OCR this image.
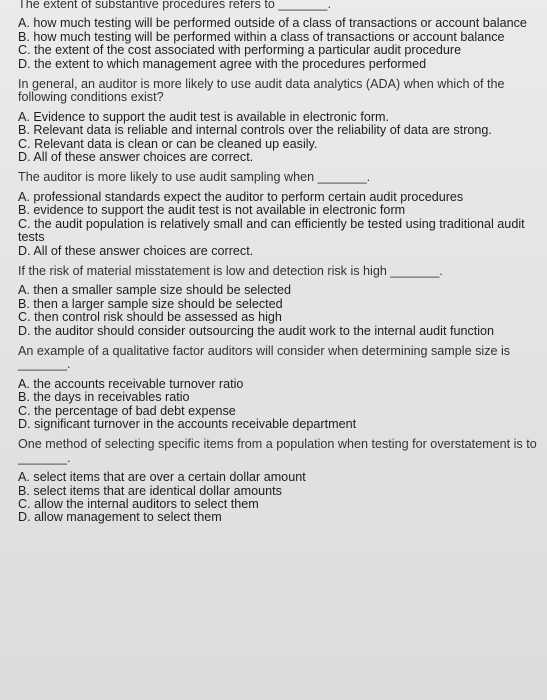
The extent of substantive procedures refers to _______.

A. how much testing will be performed outside of a class of transactions or account balance

B. how much testing will be performed within a class of transactions or account balance

C. the extent of the cost associated with performing a particular audit procedure

D. the extent to which management agree with the procedures performed

In general, an auditor is more likely to use audit data analytics (ADA) when which of the following conditions exist?

A. Evidence to support the audit test is available in electronic form.

B. Relevant data is reliable and internal controls over the reliability of data are strong.

C. Relevant data is clean or can be cleaned up easily.

D. All of these answer choices are correct.

The auditor is more likely to use audit sampling when _______.

A. professional standards expect the auditor to perform certain audit procedures

B. evidence to support the audit test is not available in electronic form

C. the audit population is relatively small and can efficiently be tested using traditional audit tests

D. All of these answer choices are correct.

If the risk of material misstatement is low and detection risk is high _______.

A. then a smaller sample size should be selected

B. then a larger sample size should be selected

C. then control risk should be assessed as high

D. the auditor should consider outsourcing the audit work to the internal audit function

An example of a qualitative factor auditors will consider when determining sample size is _______.

A. the accounts receivable turnover ratio

B. the days in receivables ratio

C. the percentage of bad debt expense

D. significant turnover in the accounts receivable department

One method of selecting specific items from a population when testing for overstatement is to _______.

A. select items that are over a certain dollar amount

B. select items that are identical dollar amounts

C. allow the internal auditors to select them

D. allow management to select them
